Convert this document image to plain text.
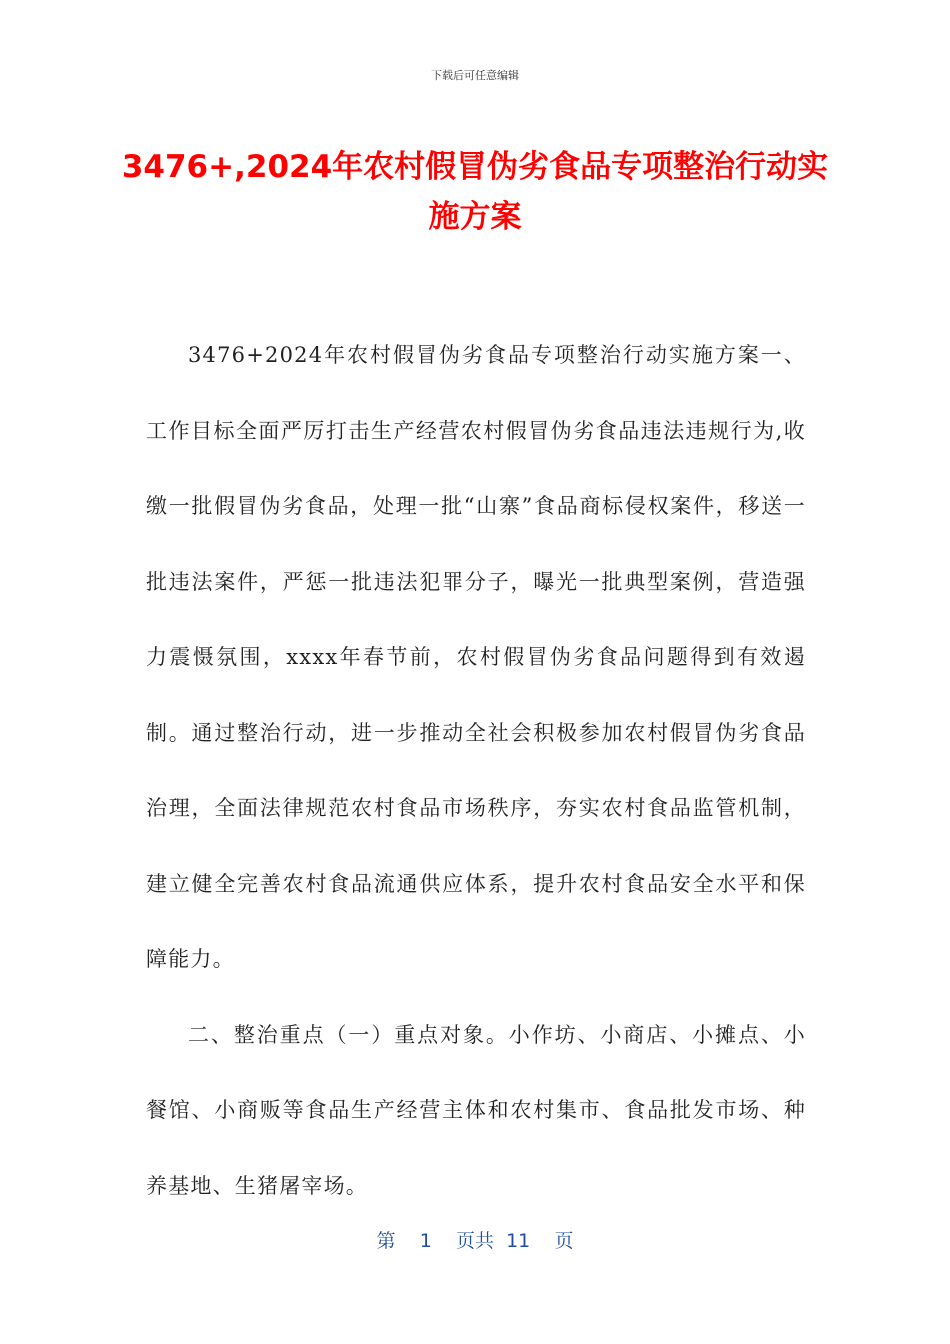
下载后可任意编辑
3476+,2024年农村假冒伪劣食品专项整治行动实施方案

3476+2024年农村假冒伪劣食品专项整治行动实施方案一、工作目标全面严厉打击生产经营农村假冒伪劣食品违法违规行为,收缴一批假冒伪劣食品，处理一批“山寨”食品商标侵权案件，移送一批违法案件，严惩一批违法犯罪分子，曝光一批典型案例，营造强力震慑氛围，xxxx年春节前，农村假冒伪劣食品问题得到有效遏制。通过整治行动，进一步推动全社会积极参加农村假冒伪劣食品治理，全面法律规范农村食品市场秩序，夯实农村食品监管机制，建立健全完善农村食品流通供应体系，提升农村食品安全水平和保障能力。

二、整治重点（一）重点对象。小作坊、小商店、小摊点、小餐馆、小商贩等食品生产经营主体和农村集市、食品批发市场、种养基地、生猪屠宰场。

第 1 页共 11 页
